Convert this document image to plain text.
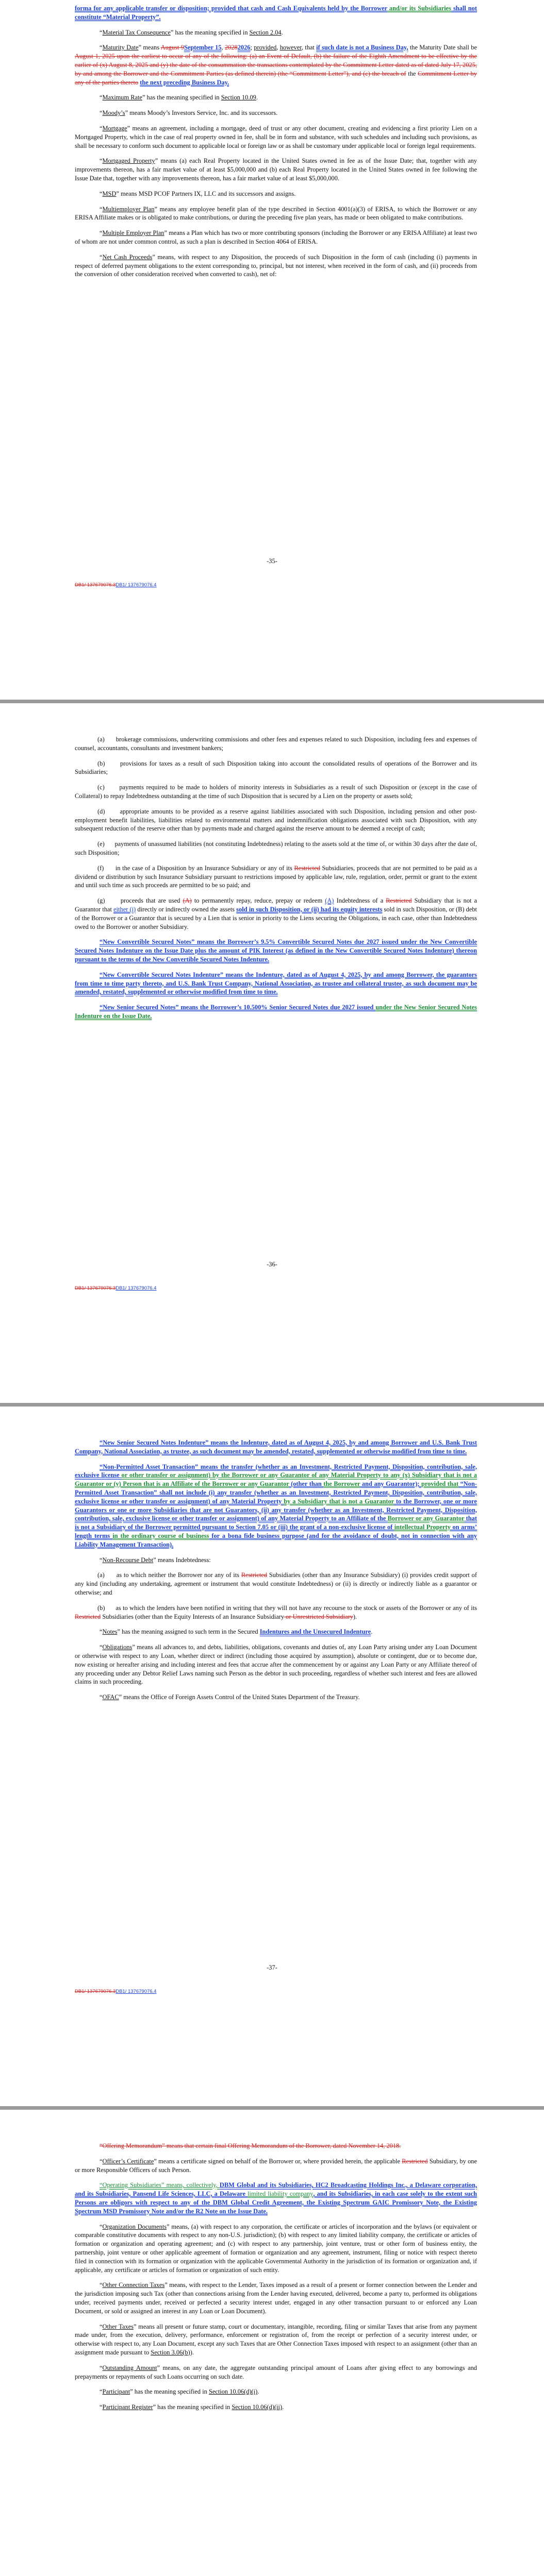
forma for any applicable transfer or disposition; provided that cash and Cash Equivalents held by the Borrower and/or its Subsidiaries shall not constitute “Material Property”.

“Material Tax Consequence” has the meaning specified in Section 2.04.

“Maturity Date” means August 9September 15, 20282026; provided, however, that if such date is not a Business Day, the Maturity Date shall be August 1, 2025 upon the earliest to occur of any of the following: (a) an Event of Default, (b) the failure of the Eighth Amendment to be effective by the earlier of (x) August 8, 2025 and (y) the date of the consummation the transactions contemplated by the Commitment Letter dated as of dated July 17, 2025, by and among the Borrower and the Commitment Parties (as defined therein) (the “Commitment Letter”), and (c) the breach of the Commitment Letter by any of the parties thereto the next preceding Business Day.

“Maximum Rate” has the meaning specified in Section 10.09.

“Moody’s” means Moody’s Investors Service, Inc. and its successors.

“Mortgage” means an agreement, including a mortgage, deed of trust or any other document, creating and evidencing a first priority Lien on a Mortgaged Property, which in the case of real property owned in fee, shall be in form and substance, with such schedules and including such provisions, as shall be necessary to conform such document to applicable local or foreign law or as shall be customary under applicable local or foreign legal requirements.

“Mortgaged Property” means (a) each Real Property located in the United States owned in fee as of the Issue Date; that, together with any improvements thereon, has a fair market value of at least $5,000,000 and (b) each Real Property located in the United States owned in fee following the Issue Date that, together with any improvements thereon, has a fair market value of at least $5,000,000.

“MSD” means MSD PCOF Partners IX, LLC and its successors and assigns.

“Multiemployer Plan” means any employee benefit plan of the type described in Section 4001(a)(3) of ERISA, to which the Borrower or any ERISA Affiliate makes or is obligated to make contributions, or during the preceding five plan years, has made or been obligated to make contributions.

“Multiple Employer Plan” means a Plan which has two or more contributing sponsors (including the Borrower or any ERISA Affiliate) at least two of whom are not under common control, as such a plan is described in Section 4064 of ERISA.

“Net Cash Proceeds” means, with respect to any Disposition, the proceeds of such Disposition in the form of cash (including (i) payments in respect of deferred payment obligations to the extent corresponding to, principal, but not interest, when received in the form of cash, and (ii) proceeds from the conversion of other consideration received when converted to cash), net of:

-35-
DB1/ 137679076.3DB1/ 137679076.4

(a) brokerage commissions, underwriting commissions and other fees and expenses related to such Disposition, including fees and expenses of counsel, accountants, consultants and investment bankers;

(b) provisions for taxes as a result of such Disposition taking into account the consolidated results of operations of the Borrower and its Subsidiaries;

(c) payments required to be made to holders of minority interests in Subsidiaries as a result of such Disposition or (except in the case of Collateral) to repay Indebtedness outstanding at the time of such Disposition that is secured by a Lien on the property or assets sold;

(d) appropriate amounts to be provided as a reserve against liabilities associated with such Disposition, including pension and other post-employment benefit liabilities, liabilities related to environmental matters and indemnification obligations associated with such Disposition, with any subsequent reduction of the reserve other than by payments made and charged against the reserve amount to be deemed a receipt of cash;

(e) payments of unassumed liabilities (not constituting Indebtedness) relating to the assets sold at the time of, or within 30 days after the date of, such Disposition;

(f) in the case of a Disposition by an Insurance Subsidiary or any of its Restricted Subsidiaries, proceeds that are not permitted to be paid as a dividend or distribution by such Insurance Subsidiary pursuant to restrictions imposed by applicable law, rule, regulation, order, permit or grant to the extent and until such time as such proceeds are permitted to be so paid; and

(g) proceeds that are used (A) to permanently repay, reduce, prepay or redeem (A) Indebtedness of a Restricted Subsidiary that is not a Guarantor that either (i) directly or indirectly owned the assets sold in such Disposition, or (ii) had its equity interests sold in such Disposition, or (B) debt of the Borrower or a Guarantor that is secured by a Lien that is senior in priority to the Liens securing the Obligations, in each case, other than Indebtedness owed to the Borrower or another Subsidiary.

“New Convertible Secured Notes” means the Borrower’s 9.5% Convertible Secured Notes due 2027 issued under the New Convertible Secured Notes Indenture on the Issue Date plus the amount of PIK Interest (as defined in the New Convertible Secured Notes Indenture) thereon pursuant to the terms of the New Convertible Secured Notes Indenture.

“New Convertible Secured Notes Indenture” means the Indenture, dated as of August 4, 2025, by and among Borrower, the guarantors from time to time party thereto, and U.S. Bank Trust Company, National Association, as trustee and collateral trustee, as such document may be amended, restated, supplemented or otherwise modified from time to time.

“New Senior Secured Notes” means the Borrower’s 10.500% Senior Secured Notes due 2027 issued under the New Senior Secured Notes Indenture on the Issue Date.

-36-
DB1/ 137679076.3DB1/ 137679076.4

“New Senior Secured Notes Indenture” means the Indenture, dated as of August 4, 2025, by and among Borrower and U.S. Bank Trust Company, National Association, as trustee, as such document may be amended, restated, supplemented or otherwise modified from time to time.

“Non-Permitted Asset Transaction” means the transfer (whether as an Investment, Restricted Payment, Disposition, contribution, sale, exclusive license or other transfer or assignment) by the Borrower or any Guarantor of any Material Property to any (x) Subsidiary that is not a Guarantor or (y) Person that is an Affiliate of the Borrower or any Guarantor (other than the Borrower and any Guarantor); provided that “Non-Permitted Asset Transaction” shall not include (i) any transfer (whether as an Investment, Restricted Payment, Disposition, contribution, sale, exclusive license or other transfer or assignment) of any Material Property by a Subsidiary that is not a Guarantor to the Borrower, one or more Guarantors or one or more Subsidiaries that are not Guarantors, (ii) any transfer (whether as an Investment, Restricted Payment, Disposition, contribution, sale, exclusive license or other transfer or assignment) of any Material Property to an Affiliate of the Borrower or any Guarantor that is not a Subsidiary of the Borrower permitted pursuant to Section 7.05 or (iii) the grant of a non-exclusive license of intellectual Property on arms’ length terms in the ordinary course of business for a bona fide business purpose (and for the avoidance of doubt, not in connection with any Liability Management Transaction).

“Non-Recourse Debt” means Indebtedness:

(a) as to which neither the Borrower nor any of its Restricted Subsidiaries (other than any Insurance Subsidiary) (i) provides credit support of any kind (including any undertaking, agreement or instrument that would constitute Indebtedness) or (ii) is directly or indirectly liable as a guarantor or otherwise; and

(b) as to which the lenders have been notified in writing that they will not have any recourse to the stock or assets of the Borrower or any of its Restricted Subsidiaries (other than the Equity Interests of an Insurance Subsidiary or Unrestricted Subsidiary).

“Notes” has the meaning assigned to such term in the Secured Indentures and the Unsecured Indenture.

“Obligations” means all advances to, and debts, liabilities, obligations, covenants and duties of, any Loan Party arising under any Loan Document or otherwise with respect to any Loan, whether direct or indirect (including those acquired by assumption), absolute or contingent, due or to become due, now existing or hereafter arising and including interest and fees that accrue after the commencement by or against any Loan Party or any Affiliate thereof of any proceeding under any Debtor Relief Laws naming such Person as the debtor in such proceeding, regardless of whether such interest and fees are allowed claims in such proceeding.

“OFAC” means the Office of Foreign Assets Control of the United States Department of the Treasury.

-37-
DB1/ 137679076.3DB1/ 137679076.4

“Offering Memorandum” means that certain final Offering Memorandum of the Borrower, dated November 14, 2018.

“Officer’s Certificate” means a certificate signed on behalf of the Borrower or, where provided herein, the applicable Restricted Subsidiary, by one or more Responsible Officers of such Person.

“Operating Subsidiaries” means, collectively, DBM Global and its Subsidiaries, HC2 Broadcasting Holdings Inc., a Delaware corporation, and its Subsidiaries, Pansend Life Sciences, LLC, a Delaware limited liability company, and its Subsidiaries, in each case solely to the extent such Persons are obligors with respect to any of the DBM Global Credit Agreement, the Existing Spectrum GAIC Promissory Note, the Existing Spectrum MSD Promissory Note and/or the R2 Note on the Issue Date.

“Organization Documents” means, (a) with respect to any corporation, the certificate or articles of incorporation and the bylaws (or equivalent or comparable constitutive documents with respect to any non-U.S. jurisdiction); (b) with respect to any limited liability company, the certificate or articles of formation or organization and operating agreement; and (c) with respect to any partnership, joint venture, trust or other form of business entity, the partnership, joint venture or other applicable agreement of formation or organization and any agreement, instrument, filing or notice with respect thereto filed in connection with its formation or organization with the applicable Governmental Authority in the jurisdiction of its formation or organization and, if applicable, any certificate or articles of formation or organization of such entity.

“Other Connection Taxes” means, with respect to the Lender, Taxes imposed as a result of a present or former connection between the Lender and the jurisdiction imposing such Tax (other than connections arising from the Lender having executed, delivered, become a party to, performed its obligations under, received payments under, received or perfected a security interest under, engaged in any other transaction pursuant to or enforced any Loan Document, or sold or assigned an interest in any Loan or Loan Document).

“Other Taxes” means all present or future stamp, court or documentary, intangible, recording, filing or similar Taxes that arise from any payment made under, from the execution, delivery, performance, enforcement or registration of, from the receipt or perfection of a security interest under, or otherwise with respect to, any Loan Document, except any such Taxes that are Other Connection Taxes imposed with respect to an assignment (other than an assignment made pursuant to Section 3.06(b)).

“Outstanding Amount” means, on any date, the aggregate outstanding principal amount of Loans after giving effect to any borrowings and prepayments or repayments of such Loans occurring on such date.

“Participant” has the meaning specified in Section 10.06(d)(i).

“Participant Register” has the meaning specified in Section 10.06(d)(ii).
